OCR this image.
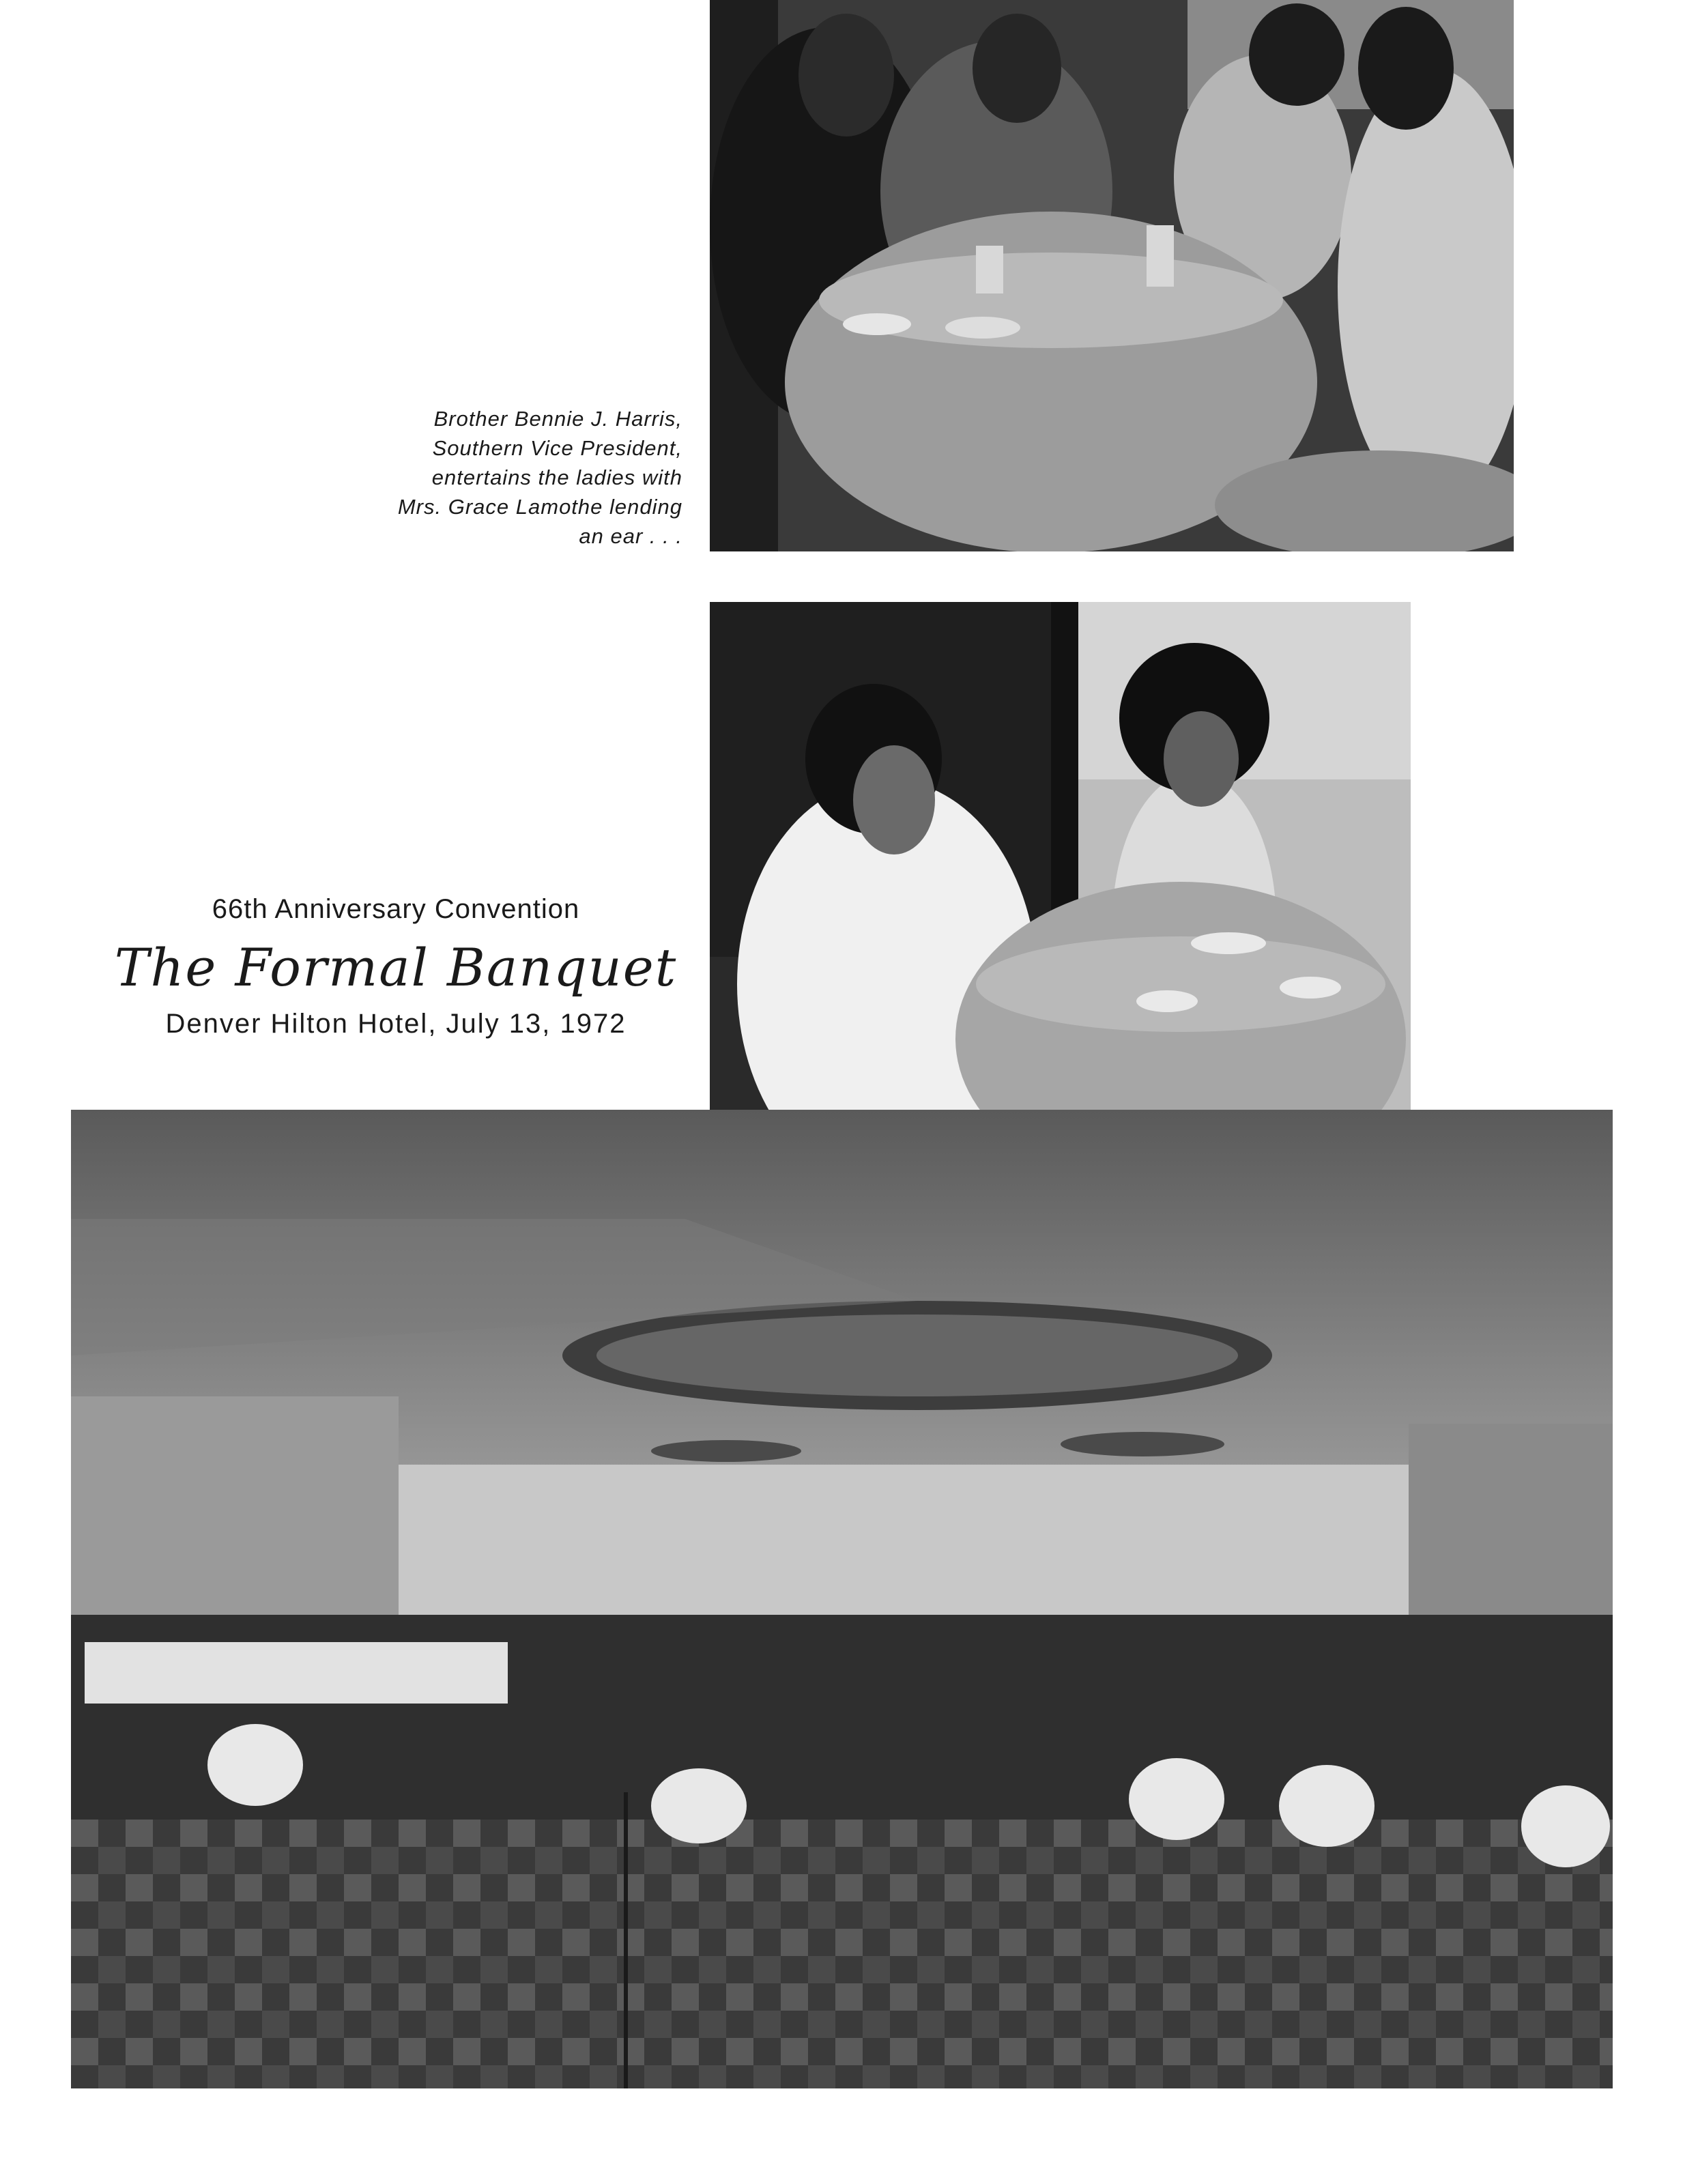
Brother Bennie J. Harris,
Southern Vice President,
entertains the ladies with
Mrs. Grace Lamothe lending
an ear . . .
66th Anniversary Convention
The Formal Banquet
Denver Hilton Hotel, July 13, 1972
